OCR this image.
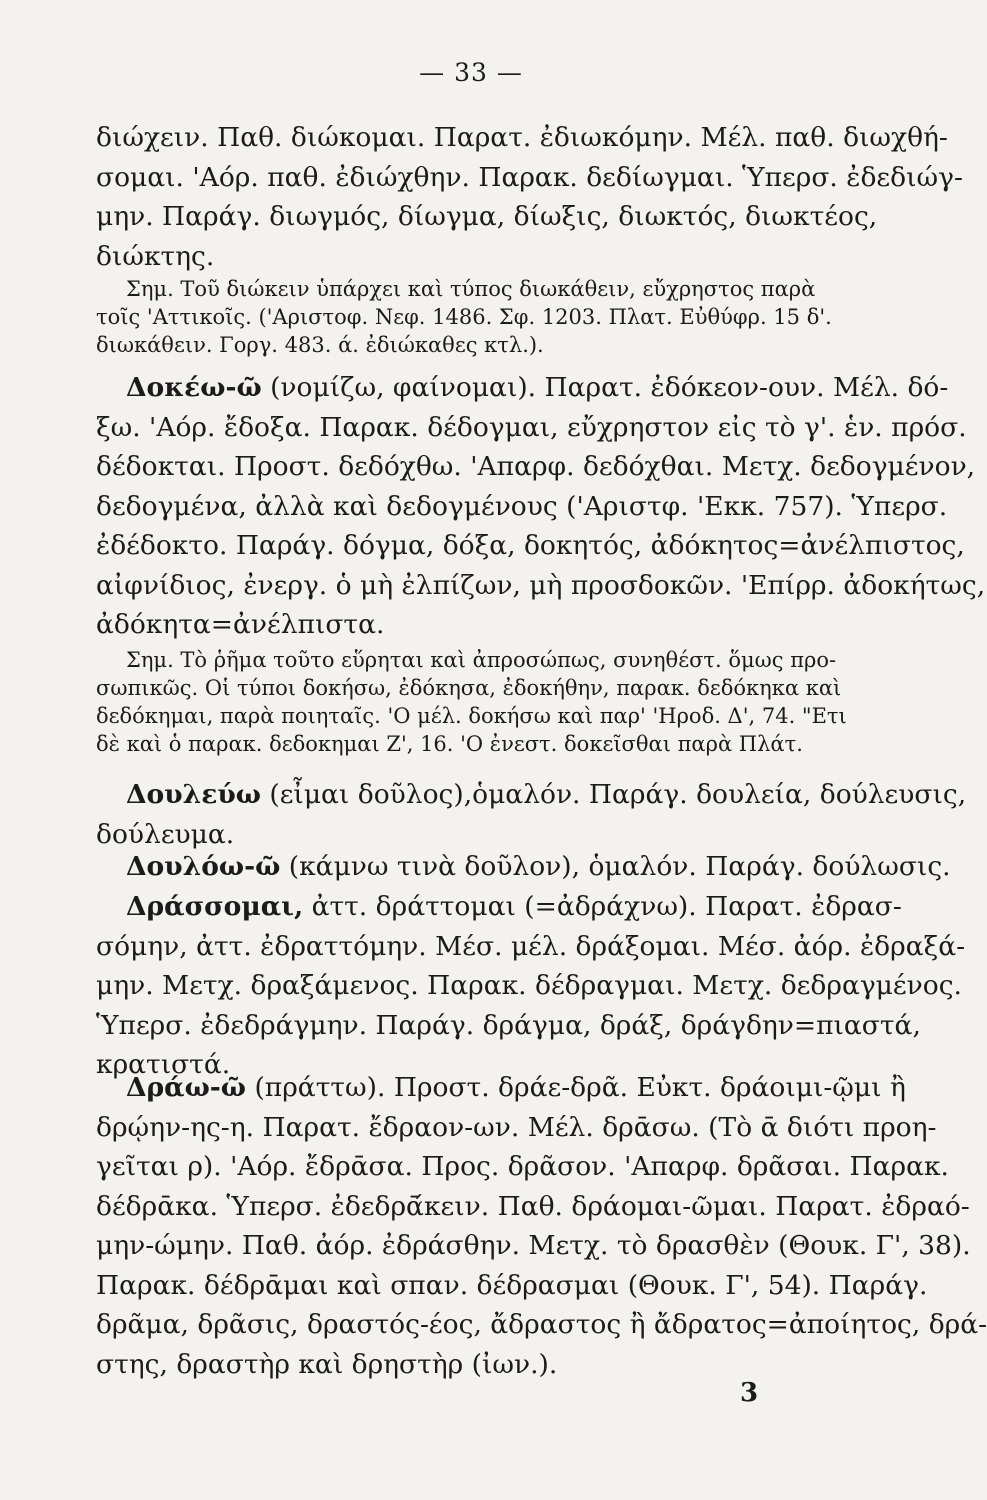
— 33 —
διώχειν. Παθ. διώκομαι. Παρατ. ἐδιωκόμην. Μέλ. παθ. διωχθή-
σομαι. 'Αόρ. παθ. ἐδιώχθην. Παρακ. δεδίωγμαι. Ὑπερσ. ἐδεδιώγ-
μην. Παράγ. διωγμός, δίωγμα, δίωξις, διωκτός, διωκτέος,
διώκτης.
Σημ. Τοῦ διώκειν ὑπάρχει καὶ τύπος διωκάθειν, εὔχρηστος παρὰ
τοῖς 'Αττικοῖς. ('Αριστοφ. Νεφ. 1486. Σφ. 1203. Πλατ. Εὐθύφρ. 15 δ'.
διωκάθειν. Γοργ. 483. ά. ἐδιώκαθες κτλ.).
Δοκέω-ῶ (νομίζω, φαίνομαι). Παρατ. ἐδόκεον-ουν. Μέλ. δό-
ξω. 'Αόρ. ἔδοξα. Παρακ. δέδογμαι, εὔχρηστον εἰς τὸ γ'. ἑν. πρόσ.
δέδοκται. Προστ. δεδόχθω. 'Απαρφ. δεδόχθαι. Μετχ. δεδογμένον,
δεδογμένα, ἀλλὰ καὶ δεδογμένους ('Αριστφ. 'Εκκ. 757). Ὑπερσ.
ἐδέδοκτο. Παράγ. δόγμα, δόξα, δοκητός, ἀδόκητος=ἀνέλπιστος,
αἰφνίδιος, ἐνεργ. ὁ μὴ ἐλπίζων, μὴ προσδοκῶν. 'Επίρρ. ἀδοκήτως,
ἀδόκητα=ἀνέλπιστα.
Σημ. Τὸ ῥῆμα τοῦτο εὕρηται καὶ ἀπροσώπως, συνηθέστ. ὅμως προ-
σωπικῶς. Οἱ τύποι δοκήσω, ἐδόκησα, ἐδοκήθην, παρακ. δεδόκηκα καὶ
δεδόκημαι, παρὰ ποιηταῖς. 'Ο μέλ. δοκήσω καὶ παρ' 'Ηροδ. Δ', 74. "Ετι
δὲ καὶ ὁ παρακ. δεδοκημαι Ζ', 16. 'Ο ἐνεστ. δοκεῖσθαι παρὰ Πλάτ.
Δουλεύω (εἶμαι δοῦλος),ὁμαλόν. Παράγ. δουλεία, δούλευσις,
δούλευμα.
Δουλόω-ῶ (κάμνω τινὰ δοῦλον), ὁμαλόν. Παράγ. δούλωσις.
Δράσσομαι, ἀττ. δράττομαι (=ἀδράχνω). Παρατ. ἐδρασ-
σόμην, ἀττ. ἐδραττόμην. Μέσ. μέλ. δράξομαι. Μέσ. ἀόρ. ἐδραξά-
μην. Μετχ. δραξάμενος. Παρακ. δέδραγμαι. Μετχ. δεδραγμένος.
Ὑπερσ. ἐδεδράγμην. Παράγ. δράγμα, δράξ, δράγδην=πιαστά,
κρατιστά.
Δράω-ῶ (πράττω). Προστ. δράε-δρᾶ. Εὐκτ. δράοιμι-ῷμι ἢ
δρῴην-ης-η. Παρατ. ἔδραον-ων. Μέλ. δρᾱσω. (Τὸ ᾱ διότι προη-
γεῖται ρ). 'Αόρ. ἔδρᾱσα. Προς. δρᾶσον. 'Απαρφ. δρᾶσαι. Παρακ.
δέδρᾱκα. Ὑπερσ. ἐδεδρᾱ́κειν. Παθ. δράομαι-ῶμαι. Παρατ. ἐδραό-
μην-ώμην. Παθ. ἀόρ. ἐδράσθην. Μετχ. τὸ δρασθὲν (Θουκ. Γ', 38).
Παρακ. δέδρᾱμαι καὶ σπαν. δέδρασμαι (Θουκ. Γ', 54). Παράγ.
δρᾶμα, δρᾶσις, δραστός-έος, ἄδραστος ἢ ἄδρατος=ἀποίητος, δρά-
στης, δραστὴρ καὶ δρηστὴρ (ἰων.).
3
